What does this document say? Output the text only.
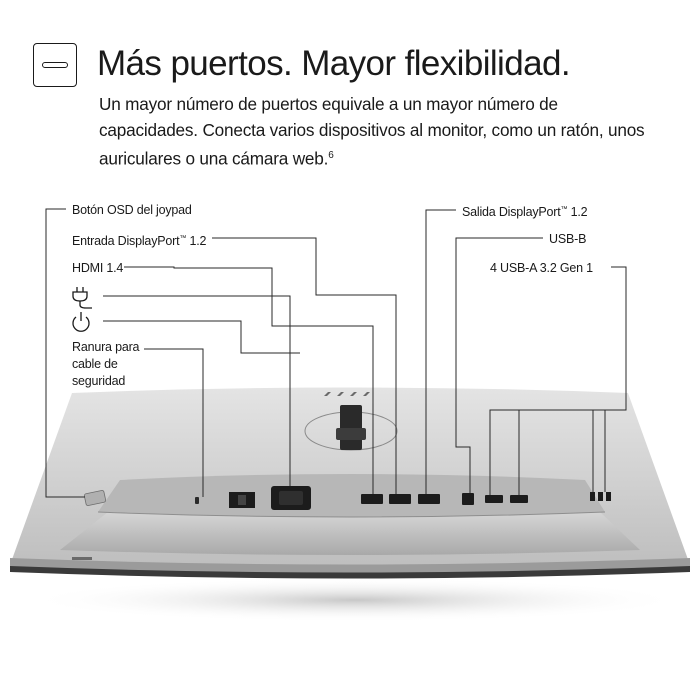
Más puertos. Mayor flexibilidad.

Un mayor número de puertos equivale a un mayor número de capacidades. Conecta varios dispositivos al monitor, como un ratón, unos auriculares o una cámara web.$^6$

Botón OSD del joypad
Entrada DisplayPort™ 1.2
HDMI 1.4
Ranura para cable de seguridad
Salida DisplayPort™ 1.2
USB-B
4 USB-A 3.2 Gen 1
